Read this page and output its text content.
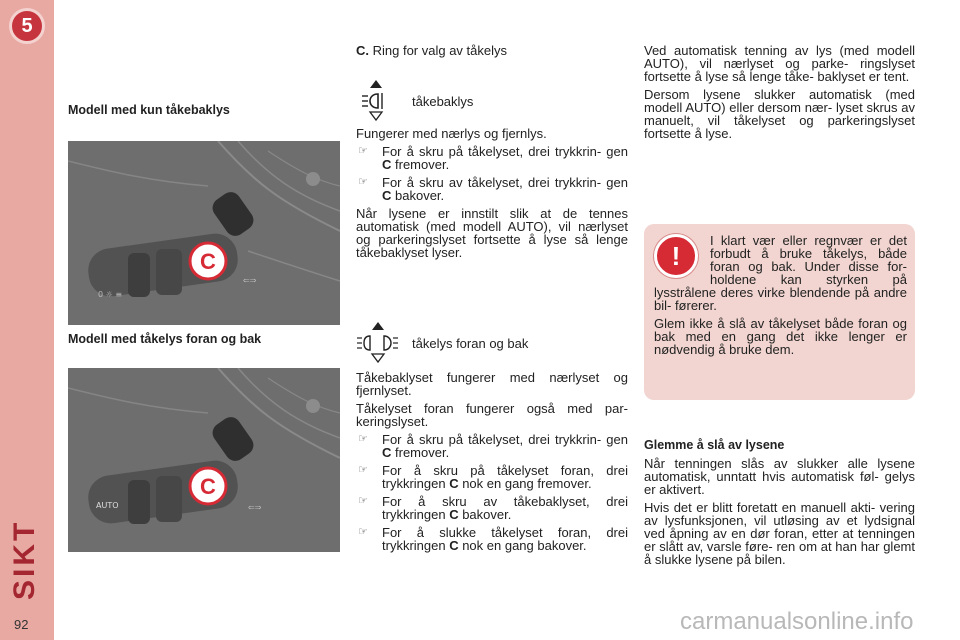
5
SIKT
92
Modell med kun tåkebaklys
0 ☼ ≡
⇐⇒
C
Modell med tåkelys foran og bak
AUTO	⇐⇒
C

C. Ring for valg av tåkelys

tåkebaklys

Fungerer med nærlys og fjernlys.

☞	For å skru på tåkelyset, drei trykkrin- gen C fremover.
☞	For å skru av tåkelyset, drei trykkrin- gen C bakover.

Når lysene er innstilt slik at de tennes automatisk (med modell AUTO), vil nærlyset og parkeringslyset fortsette å lyse så lenge tåkebaklyset lyser.

tåkelys foran og bak

Tåkebaklyset fungerer med nærlyset og fjernlyset.

Tåkelyset foran fungerer også med par- keringslyset.

☞	For å skru på tåkelyset, drei trykkrin- gen C fremover.
☞	For å skru på tåkelyset foran, drei trykkringen C nok en gang fremover.
☞	For å skru av tåkebaklyset, drei trykkringen C bakover.
☞	For å slukke tåkelyset foran, drei trykkringen C nok en gang bakover.

Ved automatisk tenning av lys (med modell AUTO), vil nærlyset og parke- ringslyset fortsette å lyse så lenge tåke- baklyset er tent.

Dersom lysene slukker automatisk (med modell AUTO) eller dersom nær- lyset skrus av manuelt, vil tåkelyset og parkeringslyset fortsette å lyse.

!	I klart vær eller regnvær er det forbudt å bruke tåkelys, både foran og bak. Under disse for- holdene kan styrken på lysstrålene deres virke blendende på andre bil- førerer.

Glem ikke å slå av tåkelyset både foran og bak med en gang det ikke lenger er nødvendig å bruke dem.

Glemme å slå av lysene

Når tenningen slås av slukker alle lysene automatisk, unntatt hvis automatisk føl- gelys er aktivert.

Hvis det er blitt foretatt en manuell akti- vering av lysfunksjonen, vil utløsing av et lydsignal ved åpning av en dør foran, etter at tenningen er slått av, varsle føre- ren om at han har glemt å slukke lysene på bilen.

carmanualsonline.info
